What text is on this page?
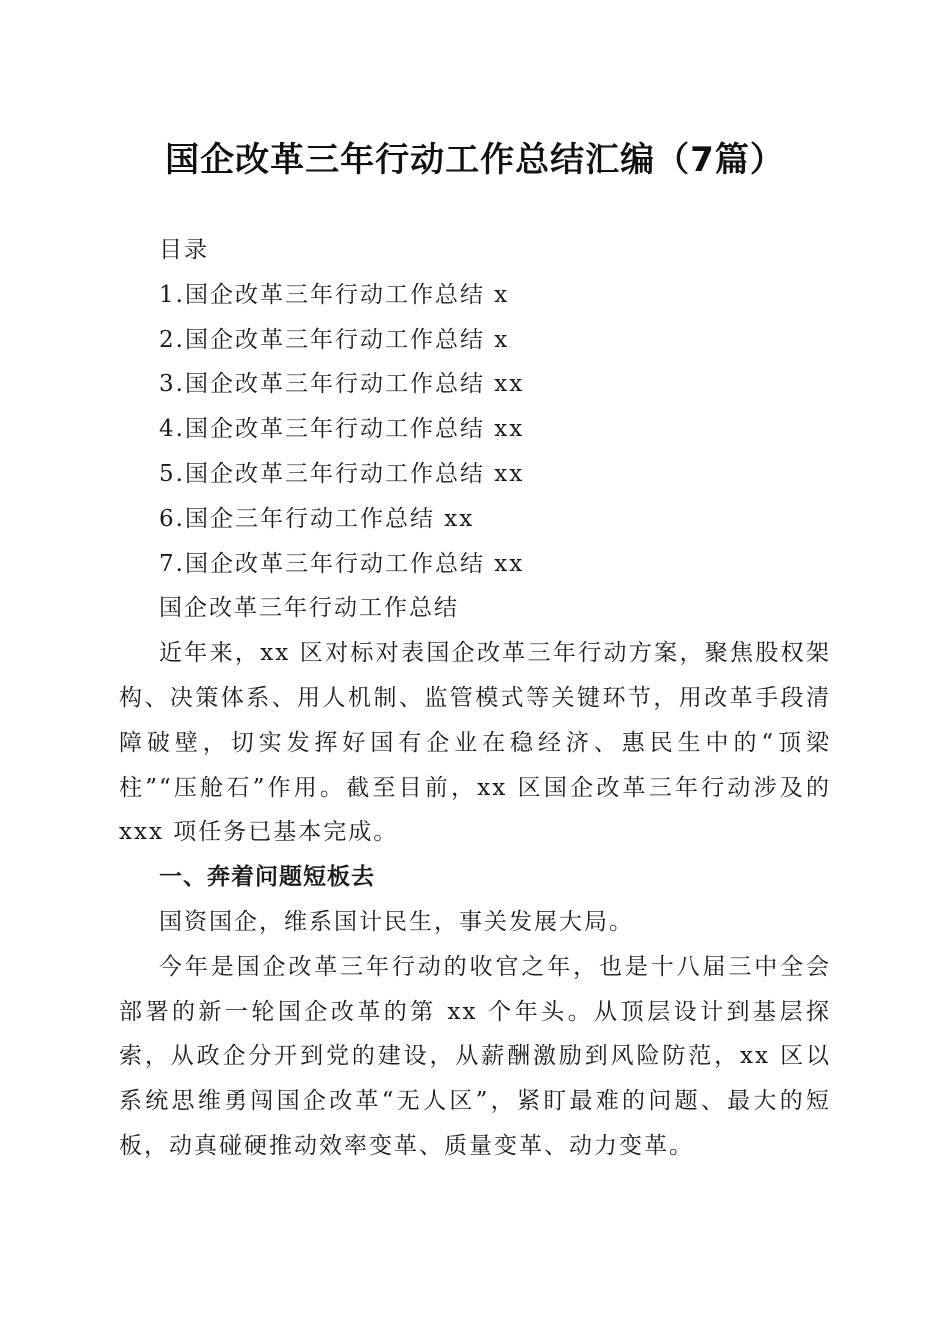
国企改革三年行动工作总结汇编（7篇）

目录

1.国企改革三年行动工作总结 x

2.国企改革三年行动工作总结 x

3.国企改革三年行动工作总结 xx

4.国企改革三年行动工作总结 xx

5.国企改革三年行动工作总结 xx

6.国企三年行动工作总结 xx

7.国企改革三年行动工作总结 xx

国企改革三年行动工作总结

近年来，xx 区对标对表国企改革三年行动方案，聚焦股权架构、决策体系、用人机制、监管模式等关键环节，用改革手段清障破壁，切实发挥好国有企业在稳经济、惠民生中的“顶梁柱”“压舱石”作用。截至目前，xx 区国企改革三年行动涉及的 xxx 项任务已基本完成。

一、奔着问题短板去

国资国企，维系国计民生，事关发展大局。

今年是国企改革三年行动的收官之年，也是十八届三中全会部署的新一轮国企改革的第 xx 个年头。从顶层设计到基层探索，从政企分开到党的建设，从薪酬激励到风险防范，xx 区以系统思维勇闯国企改革“无人区”，紧盯最难的问题、最大的短板，动真碰硬推动效率变革、质量变革、动力变革。
